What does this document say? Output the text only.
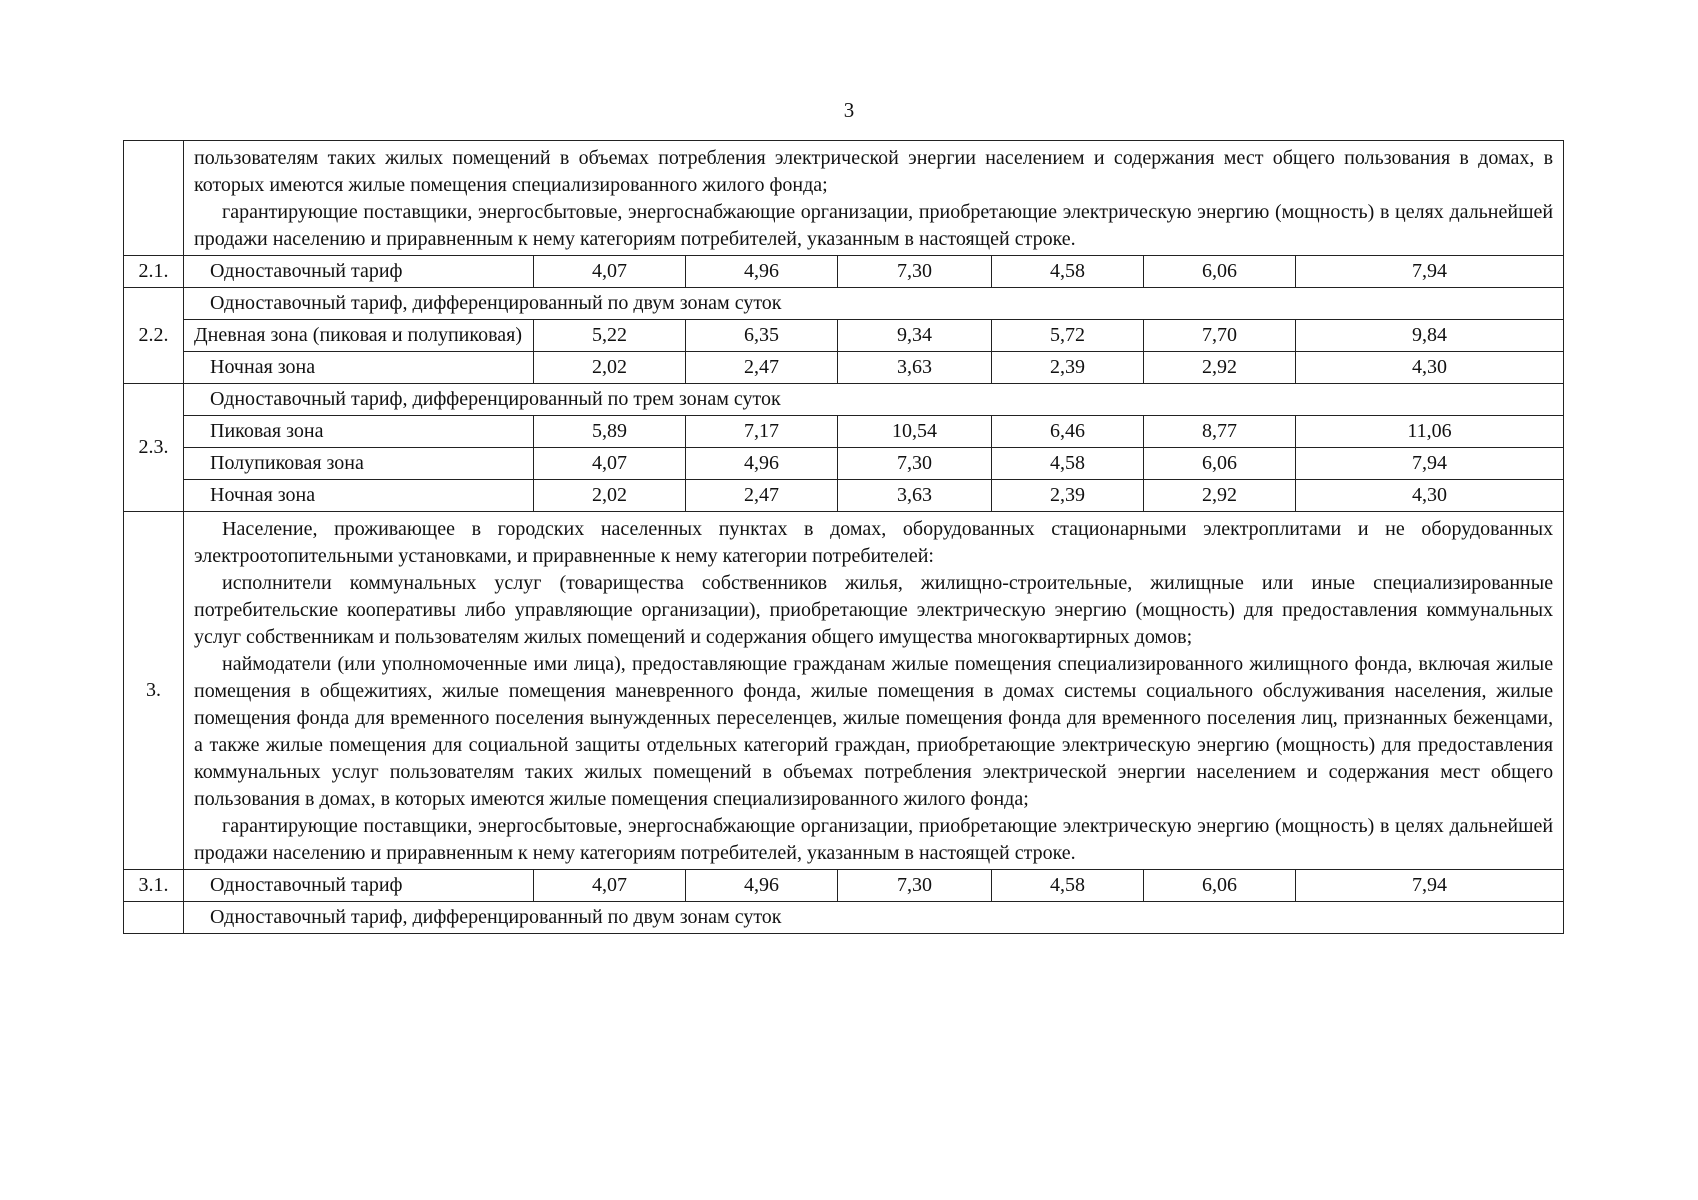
3

	пользователям таких жилых помещений в объемах потребления электрической энергии населением и содержания мест общего пользования в домах, в которых имеются жилые помещения специализированного жилого фонда;

гарантирующие поставщики, энергосбытовые, энергоснабжающие организации, приобретающие электрическую энергию (мощность) в целях дальнейшей продажи населению и приравненным к нему категориям потребителей, указанным в настоящей строке.						

2.1.	Одноставочный тариф	4,07	4,96	7,30	4,58	6,06	7,94
2.2.	Одноставочный тариф, дифференцированный по двум зонам суток						
	Дневная зона (пиковая и полупиковая)	5,22	6,35	9,34	5,72	7,70	9,84
	Ночная зона	2,02	2,47	3,63	2,39	2,92	4,30
2.3.	Одноставочный тариф, дифференцированный по трем зонам суток						
	Пиковая зона	5,89	7,17	10,54	6,46	8,77	11,06
	Полупиковая зона	4,07	4,96	7,30	4,58	6,06	7,94
	Ночная зона	2,02	2,47	3,63	2,39	2,92	4,30
3.	Население, проживающее в городских населенных пунктах в домах, оборудованных стационарными электроплитами и не оборудованных электроотопительными установками, и приравненные к нему категории потребителей:

исполнители коммунальных услуг (товарищества собственников жилья, жилищно-строительные, жилищные или иные специализированные потребительские кооперативы либо управляющие организации), приобретающие электрическую энергию (мощность) для предоставления коммунальных услуг собственникам и пользователям жилых помещений и содержания общего имущества многоквартирных домов;

наймодатели (или уполномоченные ими лица), предоставляющие гражданам жилые помещения специализированного жилищного фонда, включая жилые помещения в общежитиях, жилые помещения маневренного фонда, жилые помещения в домах системы социального обслуживания населения, жилые помещения фонда для временного поселения вынужденных переселенцев, жилые помещения фонда для временного поселения лиц, признанных беженцами, а также жилые помещения для социальной защиты отдельных категорий граждан, приобретающие электрическую энергию (мощность) для предоставления коммунальных услуг пользователям таких жилых помещений в объемах потребления электрической энергии населением и содержания мест общего пользования в домах, в которых имеются жилые помещения специализированного жилого фонда;

гарантирующие поставщики, энергосбытовые, энергоснабжающие организации, приобретающие электрическую энергию (мощность) в целях дальнейшей продажи населению и приравненным к нему категориям потребителей, указанным в настоящей строке.						

3.1.	Одноставочный тариф	4,07	4,96	7,30	4,58	6,06	7,94
	Одноставочный тариф, дифференцированный по двум зонам суток						
